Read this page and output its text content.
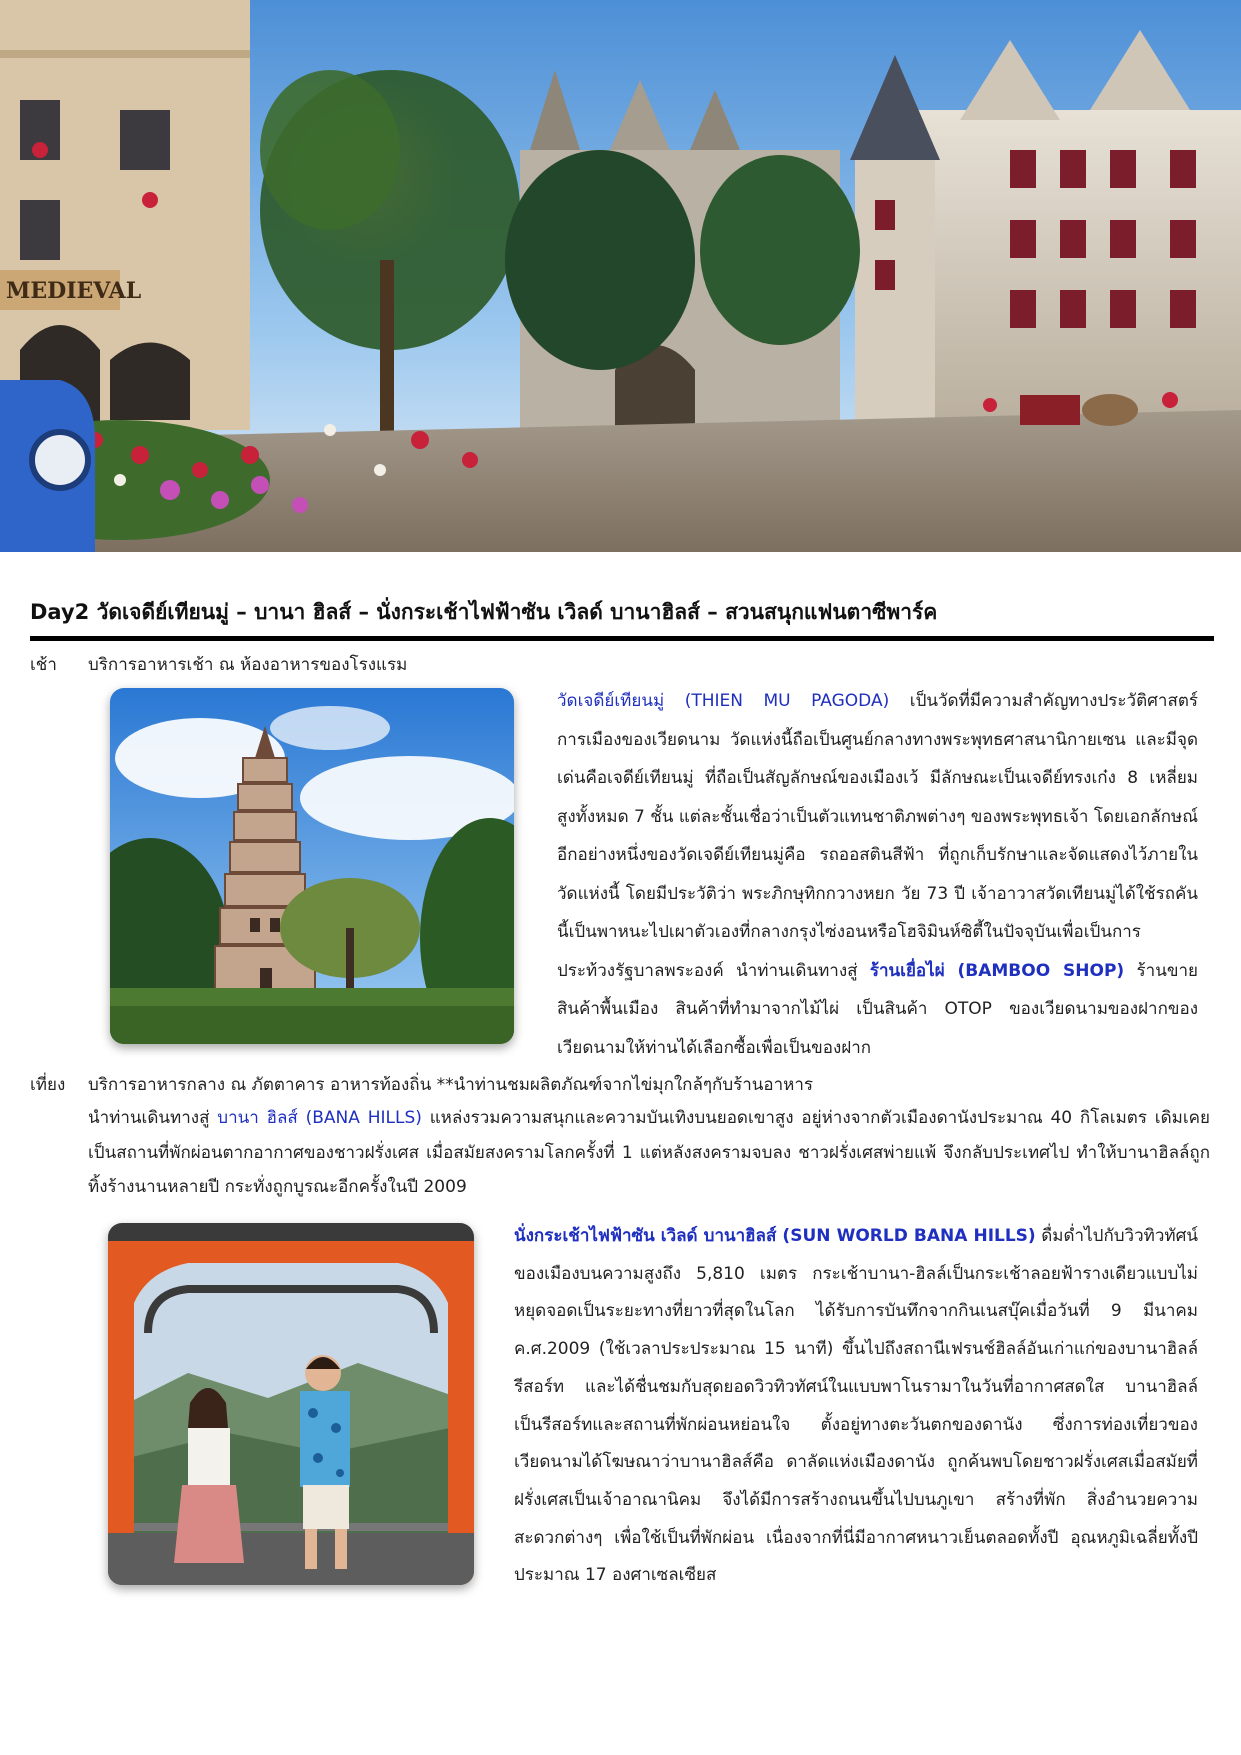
MEDIEVAL
Day2 วัดเจดีย์เทียนมู่ – บานา ฮิลส์ – นั่งกระเช้าไฟฟ้าซัน เวิลด์ บานาฮิลส์ – สวนสนุกแฟนตาซีพาร์ค
เช้า บริการอาหารเช้า ณ ห้องอาหารของโรงแรม
วัดเจดีย์เทียนมู่ (THIEN MU PAGODA) เป็นวัดที่มีความสำคัญทางประวัติศาสตร์การเมืองของเวียดนาม วัดแห่งนี้ถือเป็นศูนย์กลางทางพระพุทธศาสนานิกายเซน และมีจุดเด่นคือเจดีย์เทียนมู่ ที่ถือเป็นสัญลักษณ์ของเมืองเว้ มีลักษณะเป็นเจดีย์ทรงเก๋ง 8 เหลี่ยม สูงทั้งหมด 7 ชั้น แต่ละชั้นเชื่อว่าเป็นตัวแทนชาติภพต่างๆ ของพระพุทธเจ้า โดยเอกลักษณ์อีกอย่างหนึ่งของวัดเจดีย์เทียนมู่คือ รถออสตินสีฟ้า ที่ถูกเก็บรักษาและจัดแสดงไว้ภายในวัดแห่งนี้ โดยมีประวัติว่า พระภิกษุทิกกวางหยก วัย 73 ปี เจ้าอาวาสวัดเทียนมู่ได้ใช้รถคันนี้เป็นพาหนะไปเผาตัวเองที่กลางกรุงไซ่งอนหรือโฮจิมินห์ซิตี้ในปัจจุบันเพื่อเป็นการประท้วงรัฐบาลพระองค์ นำท่านเดินทางสู่ ร้านเยื่อไผ่ (BAMBOO SHOP) ร้านขายสินค้าพื้นเมือง สินค้าที่ทำมาจากไม้ไผ่ เป็นสินค้า OTOP ของเวียดนามของฝากของเวียดนามให้ท่านได้เลือกซื้อเพื่อเป็นของฝาก
เที่ยง บริการอาหารกลาง ณ ภัตตาคาร อาหารท้องถิ่น **นำท่านชมผลิตภัณฑ์จากไข่มุกใกล้ๆกับร้านอาหาร
นำท่านเดินทางสู่ บานา ฮิลส์ (BANA HILLS) แหล่งรวมความสนุกและความบันเทิงบนยอดเขาสูง อยู่ห่างจากตัวเมืองดานังประมาณ 40 กิโลเมตร เดิมเคยเป็นสถานที่พักผ่อนตากอากาศของชาวฝรั่งเศส เมื่อสมัยสงครามโลกครั้งที่ 1 แต่หลังสงครามจบลง ชาวฝรั่งเศสพ่ายแพ้ จึงกลับประเทศไป ทำให้บานาฮิลล์ถูกทิ้งร้างนานหลายปี กระทั่งถูกบูรณะอีกครั้งในปี 2009
นั่งกระเช้าไฟฟ้าซัน เวิลด์ บานาฮิลส์ (SUN WORLD BANA HILLS) ดื่มด่ำไปกับวิวทิวทัศน์ของเมืองบนความสูงถึง 5,810 เมตร กระเช้าบานา-ฮิลล์เป็นกระเช้าลอยฟ้ารางเดียวแบบไม่หยุดจอดเป็นระยะทางที่ยาวที่สุดในโลก ได้รับการบันทึกจากกินเนสบุ๊คเมื่อวันที่ 9 มีนาคม ค.ศ.2009 (ใช้เวลาประประมาณ 15 นาที) ขึ้นไปถึงสถานีเฟรนช์ฮิลล์อันเก่าแก่ของบานาฮิลล์รีสอร์ท และได้ชื่นชมกับสุดยอดวิวทิวทัศน์ในแบบพาโนรามาในวันที่อากาศสดใส บานาฮิลล์ เป็นรีสอร์ทและสถานที่พักผ่อนหย่อนใจ ตั้งอยู่ทางตะวันตกของดานัง ซึ่งการท่องเที่ยวของเวียดนามได้โฆษณาว่าบานาฮิลส์คือ ดาลัดแห่งเมืองดานัง ถูกค้นพบโดยชาวฝรั่งเศสเมื่อสมัยที่ฝรั่งเศสเป็นเจ้าอาณานิคม จึงได้มีการสร้างถนนขึ้นไปบนภูเขา สร้างที่พัก สิ่งอำนวยความสะดวกต่างๆ เพื่อใช้เป็นที่พักผ่อน เนื่องจากที่นี่มีอากาศหนาวเย็นตลอดทั้งปี อุณหภูมิเฉลี่ยทั้งปี ประมาณ 17 องศาเซลเซียส
